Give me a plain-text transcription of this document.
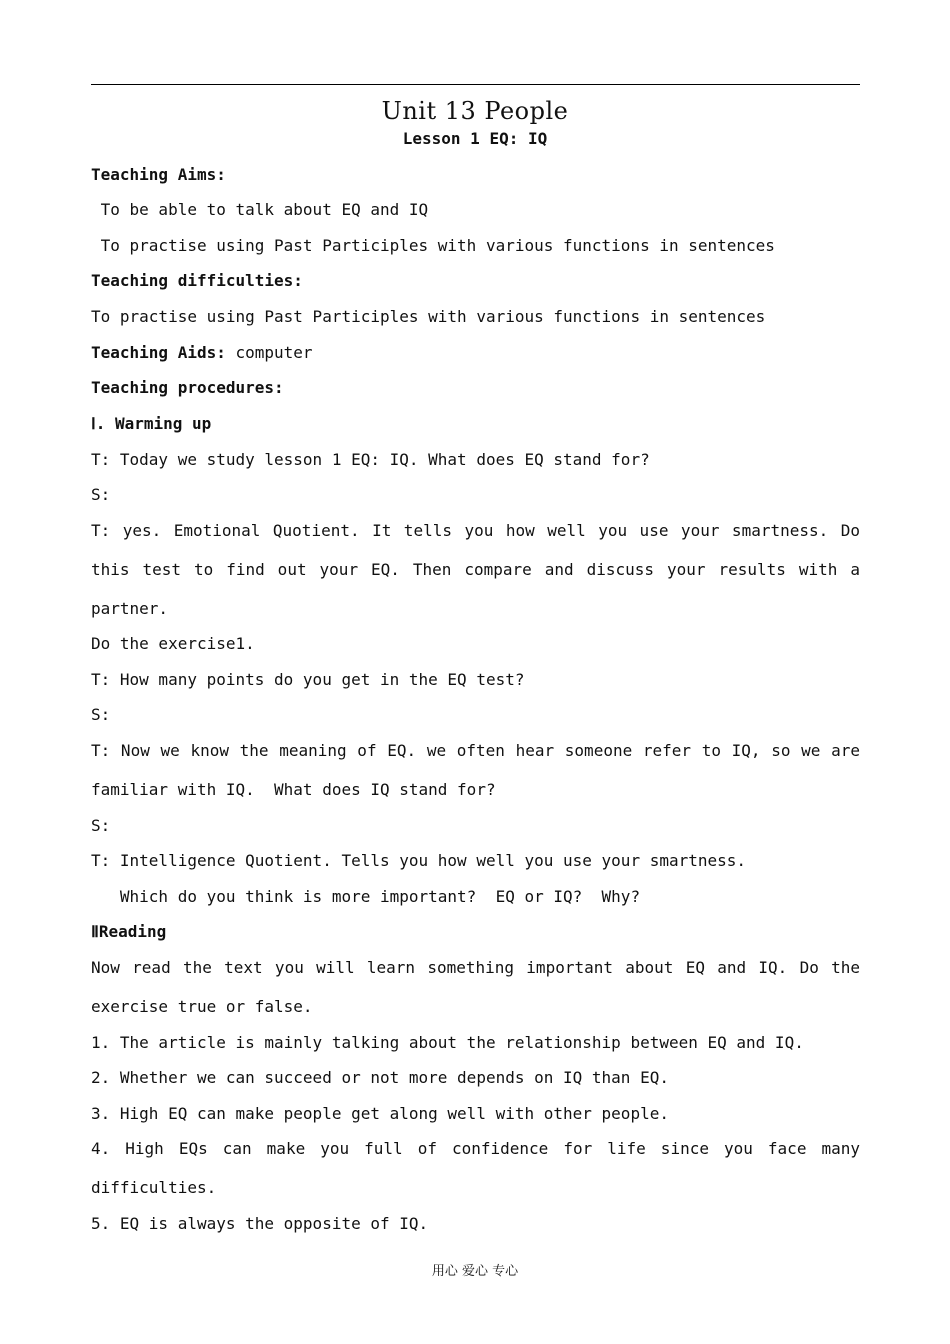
Unit 13 People
Lesson 1 EQ: IQ
Teaching Aims:
To be able to talk about EQ and IQ
To practise using Past Participles with various functions in sentences
Teaching difficulties:
To practise using Past Participles with various functions in sentences
Teaching Aids: computer
Teaching procedures:
Ⅰ. Warming up
T: Today we study lesson 1 EQ: IQ. What does EQ stand for?
S:
T: yes. Emotional Quotient. It tells you how well you use your smartness. Do
this test to find out your EQ. Then compare and discuss your results with a
partner.
Do the exercise1.
T: How many points do you get in the EQ test?
S:
T: Now we know the meaning of EQ. we often hear someone refer to IQ, so we are
familiar with IQ.  What does IQ stand for?
S:
T: Intelligence Quotient. Tells you how well you use your smartness.
Which do you think is more important?  EQ or IQ?  Why?
ⅡReading
Now read the text you will learn something important about EQ and IQ. Do the
exercise true or false.
1. The article is mainly talking about the relationship between EQ and IQ.
2. Whether we can succeed or not more depends on IQ than EQ.
3. High EQ can make people get along well with other people.
4. High EQs can make you full of confidence for life since you face many
difficulties.
5. EQ is always the opposite of IQ.
用心 爱心 专心
